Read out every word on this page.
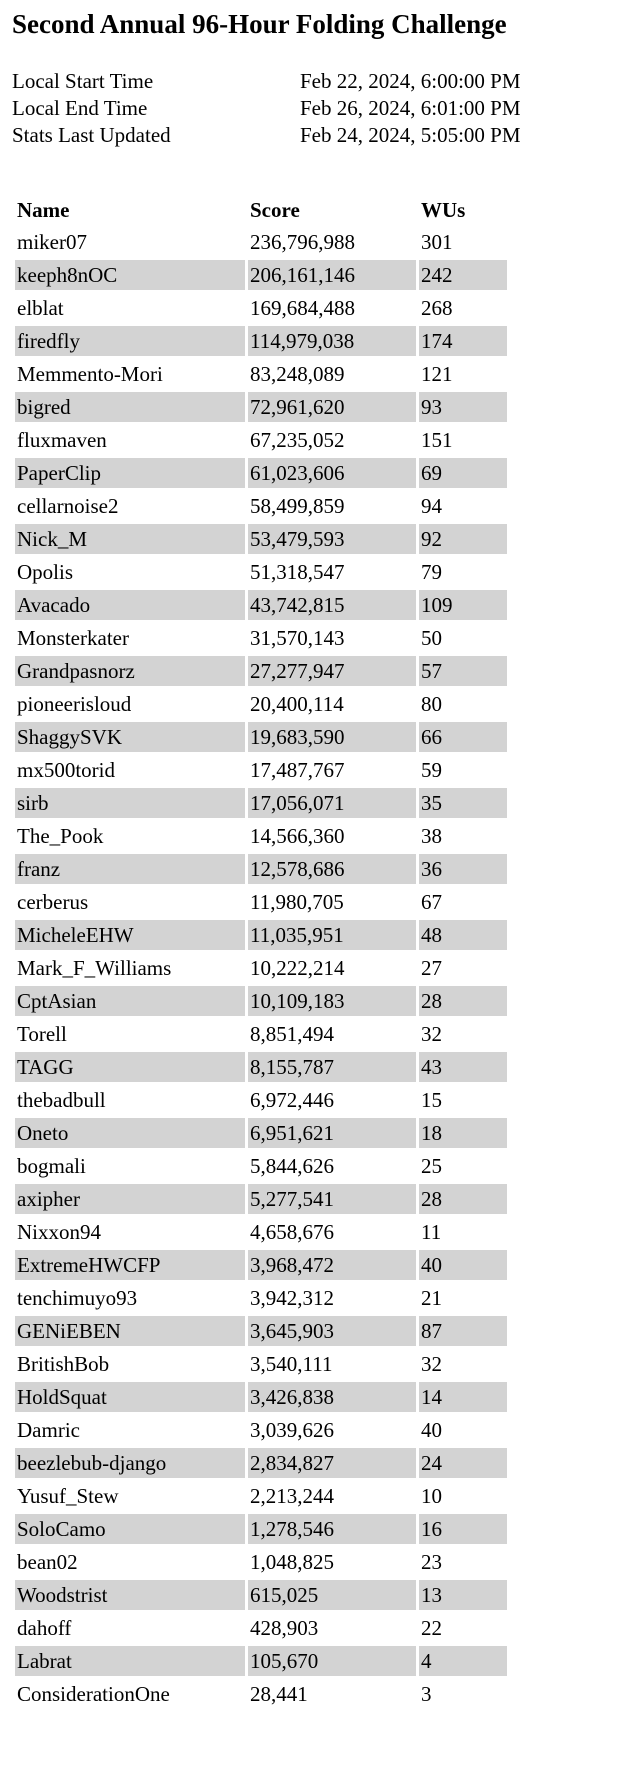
Second Annual 96-Hour Folding Challenge
Local Start Time	Feb 22, 2024, 6:00:00 PM
Local End Time	Feb 26, 2024, 6:01:00 PM
Stats Last Updated	Feb 24, 2024, 5:05:00 PM
Name	Score	WUs
miker07	236,796,988	301
keeph8nOC	206,161,146	242
elblat	169,684,488	268
firedfly	114,979,038	174
Memmento-Mori	83,248,089	121
bigred	72,961,620	93
fluxmaven	67,235,052	151
PaperClip	61,023,606	69
cellarnoise2	58,499,859	94
Nick_M	53,479,593	92
Opolis	51,318,547	79
Avacado	43,742,815	109
Monsterkater	31,570,143	50
Grandpasnorz	27,277,947	57
pioneerisloud	20,400,114	80
ShaggySVK	19,683,590	66
mx500torid	17,487,767	59
sirb	17,056,071	35
The_Pook	14,566,360	38
franz	12,578,686	36
cerberus	11,980,705	67
MicheleEHW	11,035,951	48
Mark_F_Williams	10,222,214	27
CptAsian	10,109,183	28
Torell	8,851,494	32
TAGG	8,155,787	43
thebadbull	6,972,446	15
Oneto	6,951,621	18
bogmali	5,844,626	25
axipher	5,277,541	28
Nixxon94	4,658,676	11
ExtremeHWCFP	3,968,472	40
tenchimuyo93	3,942,312	21
GENiEBEN	3,645,903	87
BritishBob	3,540,111	32
HoldSquat	3,426,838	14
Damric	3,039,626	40
beezlebub-django	2,834,827	24
Yusuf_Stew	2,213,244	10
SoloCamo	1,278,546	16
bean02	1,048,825	23
Woodstrist	615,025	13
dahoff	428,903	22
Labrat	105,670	4
ConsiderationOne	28,441	3
